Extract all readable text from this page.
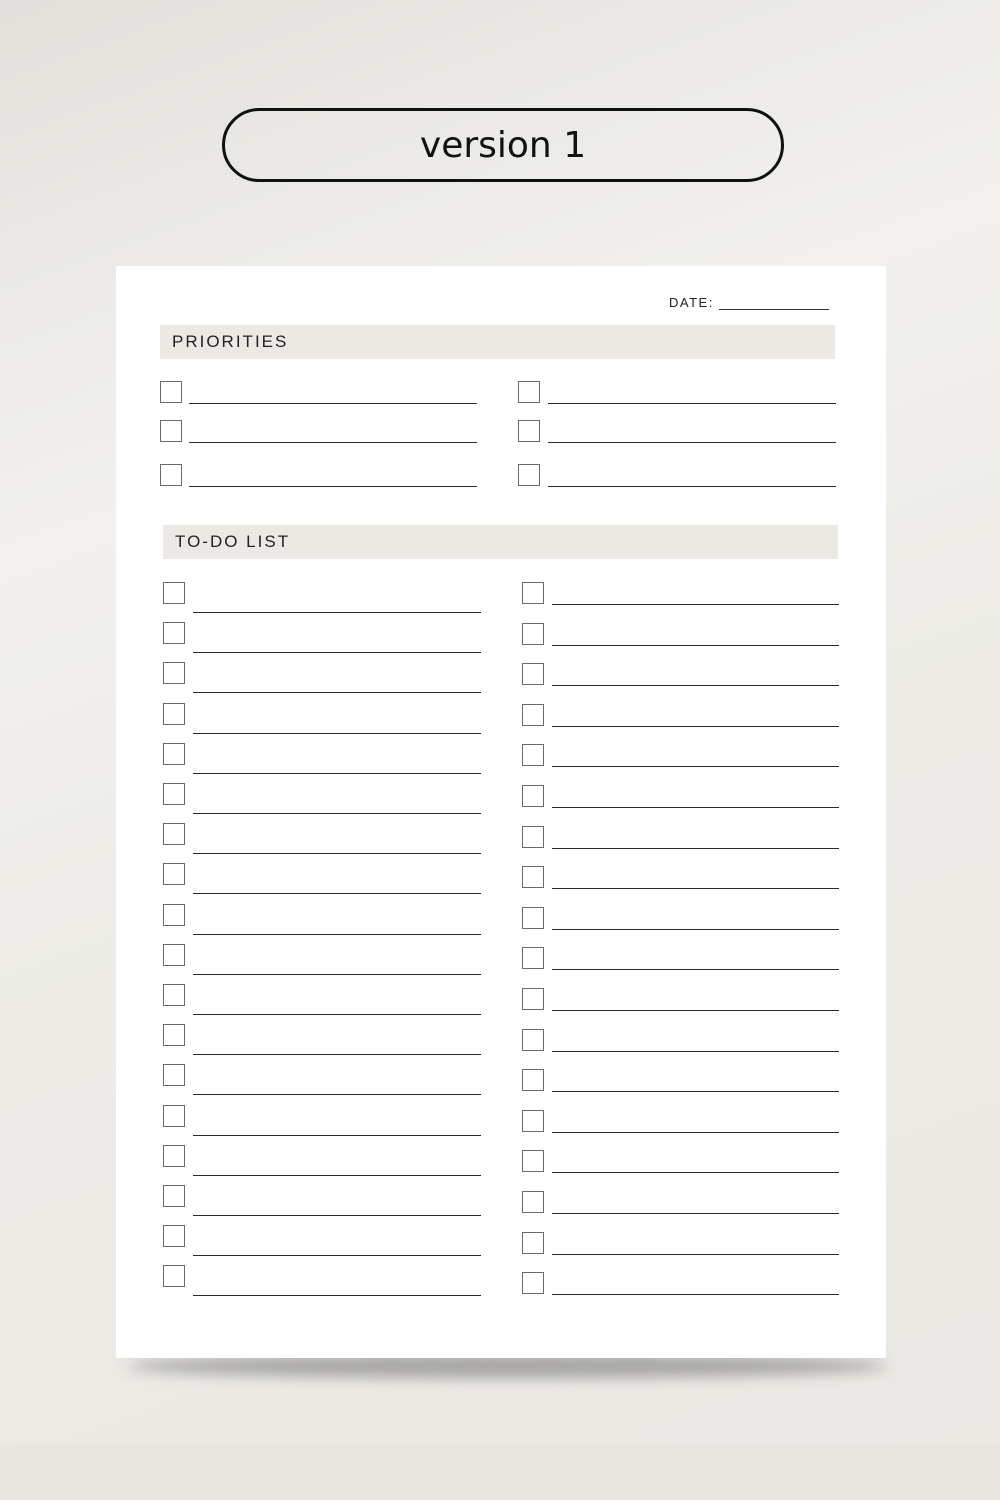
version 1
DATE:
PRIORITIES
TO-DO LIST
